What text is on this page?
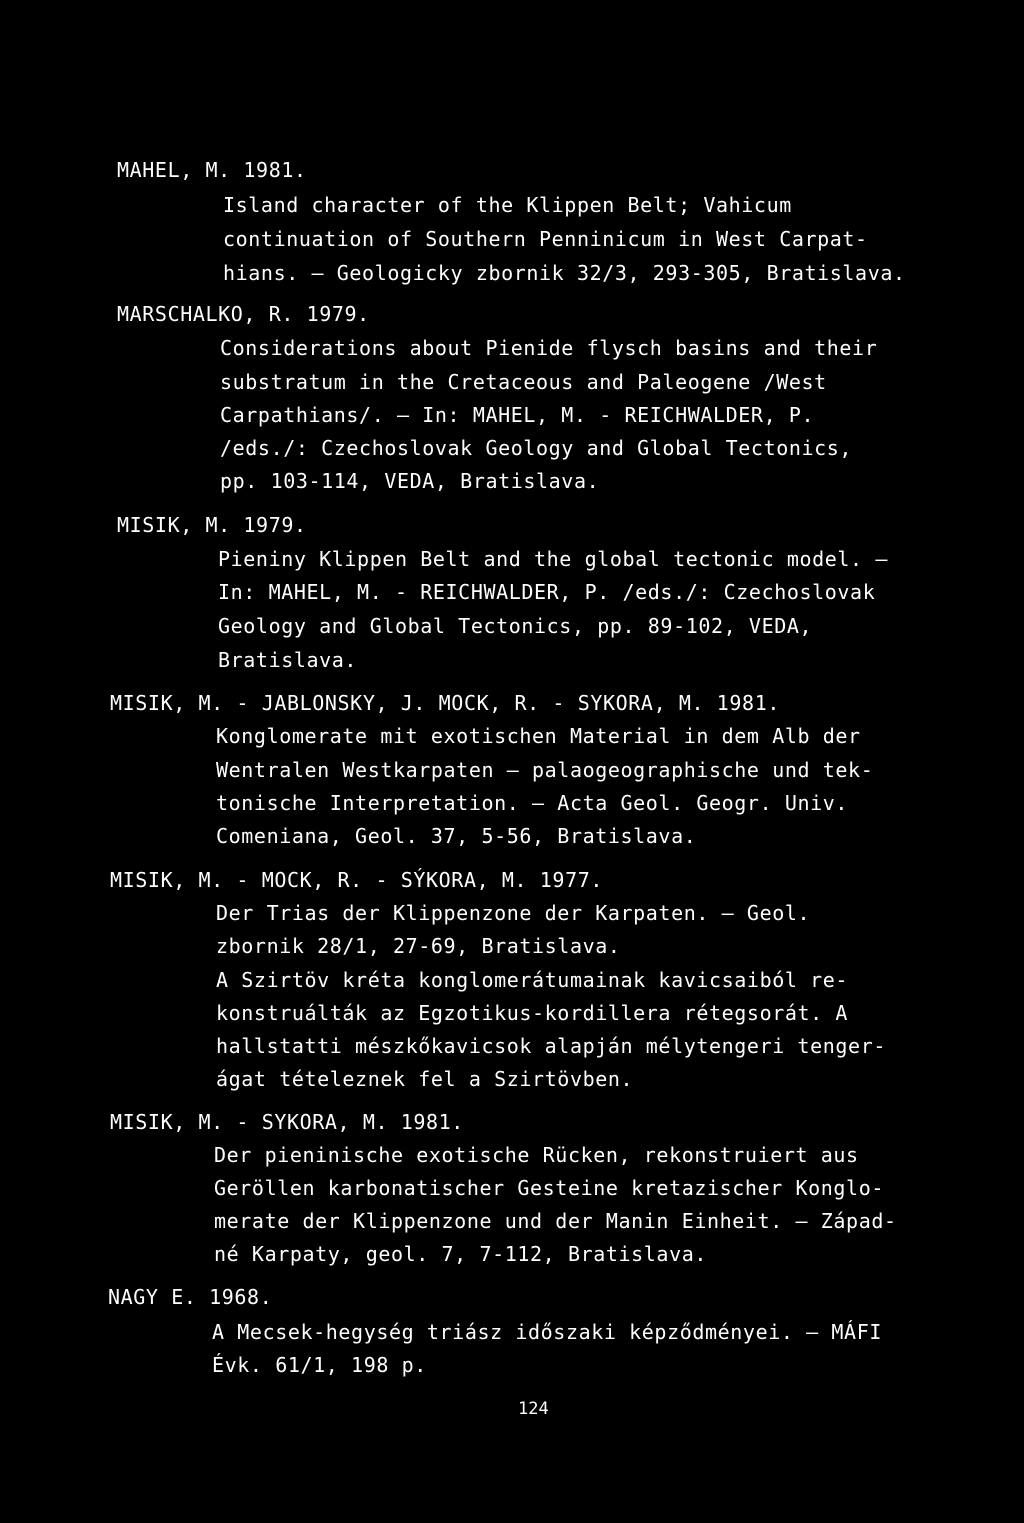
MAHEL, M. 1981.
Island character of the Klippen Belt; Vahicum
continuation of Southern Penninicum in West Carpat-
hians. — Geologicky zbornik 32/3, 293-305, Bratislava.
MARSCHALKO, R. 1979.
Considerations about Pienide flysch basins and their
substratum in the Cretaceous and Paleogene /West
Carpathians/. — In: MAHEL, M. - REICHWALDER, P.
/eds./: Czechoslovak Geology and Global Tectonics,
pp. 103-114, VEDA, Bratislava.
MISIK, M. 1979.
Pieniny Klippen Belt and the global tectonic model. —
In: MAHEL, M. - REICHWALDER, P. /eds./: Czechoslovak
Geology and Global Tectonics, pp. 89-102, VEDA,
Bratislava.
MISIK, M. - JABLONSKY, J. MOCK, R. - SYKORA, M. 1981.
Konglomerate mit exotischen Material in dem Alb der
Wentralen Westkarpaten — palaogeographische und tek-
tonische Interpretation. — Acta Geol. Geogr. Univ.
Comeniana, Geol. 37, 5-56, Bratislava.
MISIK, M. - MOCK, R. - SÝKORA, M. 1977.
Der Trias der Klippenzone der Karpaten. — Geol.
zbornik 28/1, 27-69, Bratislava.
A Szirtöv kréta konglomerátumainak kavicsaiból re-
konstruálták az Egzotikus-kordillera rétegsorát. A
hallstatti mészkőkavicsok alapján mélytengeri tenger-
ágat tételeznek fel a Szirtövben.
MISIK, M. - SYKORA, M. 1981.
Der pieninische exotische Rücken, rekonstruiert aus
Geröllen karbonatischer Gesteine kretazischer Konglo-
merate der Klippenzone und der Manin Einheit. — Západ-
né Karpaty, geol. 7, 7-112, Bratislava.
NAGY E. 1968.
A Mecsek-hegység triász időszaki képződményei. — MÁFI
Évk. 61/1, 198 p.
124
